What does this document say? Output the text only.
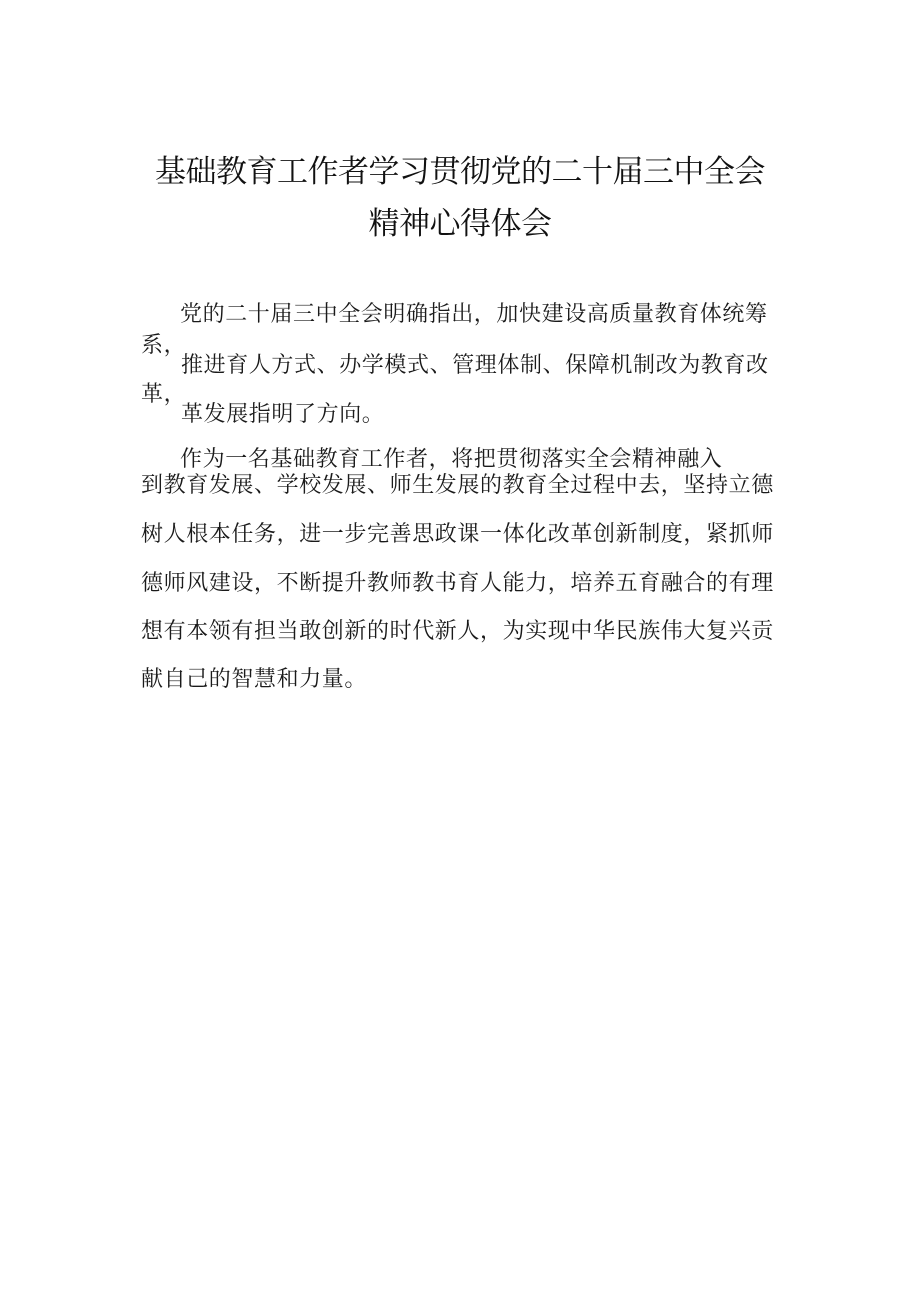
基础教育工作者学习贯彻党的二十届三中全会
精神心得体会
党的二十届三中全会明确指出，加快建设高质量教育体统筹
系，
推进育人方式、办学模式、管理体制、保障机制改为教育改
革，
革发展指明了方向。
作为一名基础教育工作者，将把贯彻落实全会精神融入
到教育发展、学校发展、师生发展的教育全过程中去，坚持立德
树人根本任务，进一步完善思政课一体化改革创新制度，紧抓师
德师风建设，不断提升教师教书育人能力，培养五育融合的有理
想有本领有担当敢创新的时代新人，为实现中华民族伟大复兴贡
献自己的智慧和力量。
